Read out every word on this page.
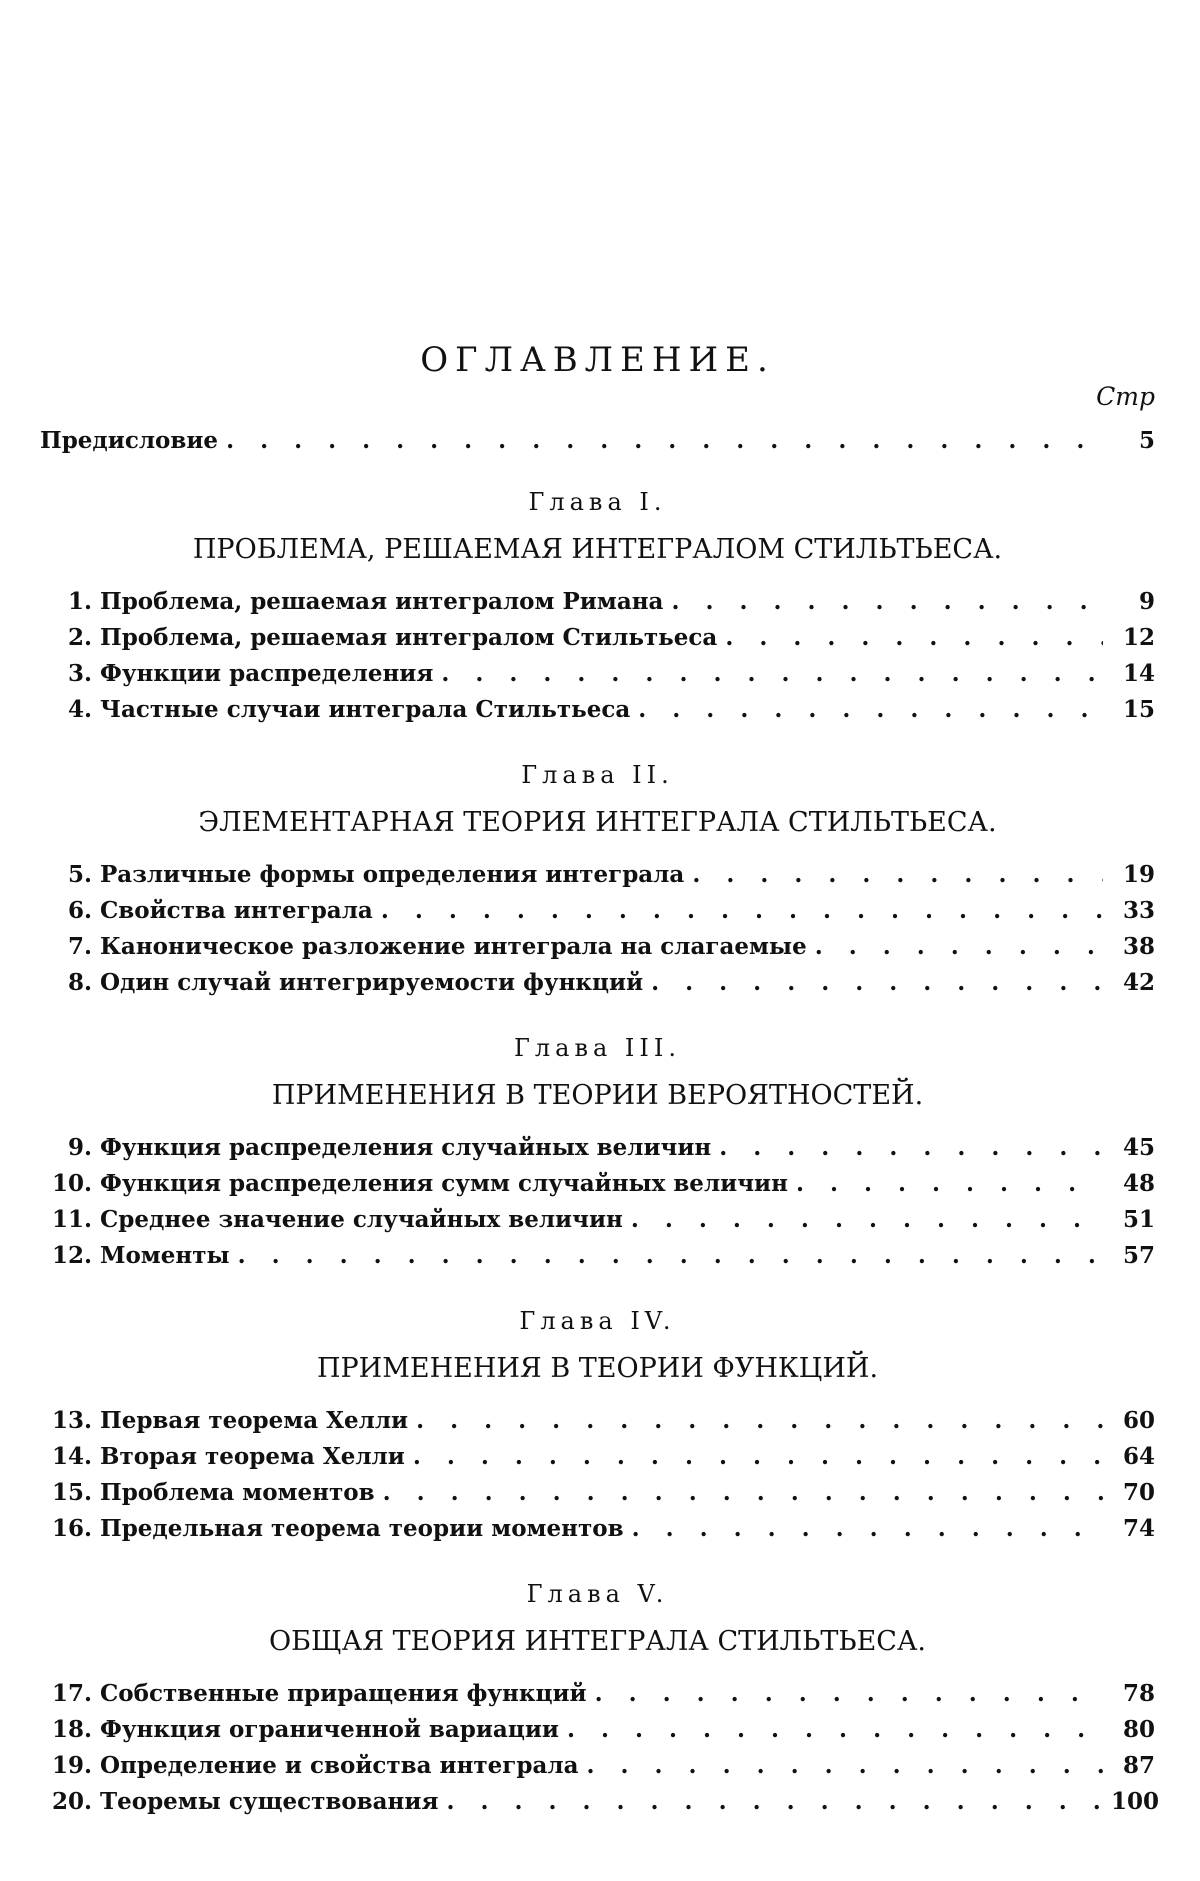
ОГЛАВЛЕНИЕ.
Стр
Предисловие . . .	5
Глава I.
ПРОБЛЕМА, РЕШАЕМАЯ ИНТЕГРАЛОМ СТИЛЬТЬЕСА.
1. Проблема, решаемая интегралом Римана . . .	9
2. Проблема, решаемая интегралом Стильтьеса . . .	12
3. Функции распределения . . .	14
4. Частные случаи интеграла Стильтьеса . . .	15
Глава II.
ЭЛЕМЕНТАРНАЯ ТЕОРИЯ ИНТЕГРАЛА СТИЛЬТЬЕСА.
5. Различные формы определения интеграла . . .	19
6. Свойства интеграла . . .	33
7. Каноническое разложение интеграла на слагаемые . . .	38
8. Один случай интегрируемости функций . . .	42
Глава III.
ПРИМЕНЕНИЯ В ТЕОРИИ ВЕРОЯТНОСТЕЙ.
9. Функция распределения случайных величин . . .	45
10. Функция распределения сумм случайных величин . . .	48
11. Среднее значение случайных величин . . .	51
12. Моменты . . .	57
Глава IV.
ПРИМЕНЕНИЯ В ТЕОРИИ ФУНКЦИЙ.
13. Первая теорема Хелли . . .	60
14. Вторая теорема Хелли . . .	64
15. Проблема моментов . . .	70
16. Предельная теорема теории моментов . . .	74
Глава V.
ОБЩАЯ ТЕОРИЯ ИНТЕГРАЛА СТИЛЬТЬЕСА.
17. Собственные приращения функций . . .	78
18. Функция ограниченной вариации . . .	80
19. Определение и свойства интеграла . . .	87
20. Теоремы существования . . .	100
